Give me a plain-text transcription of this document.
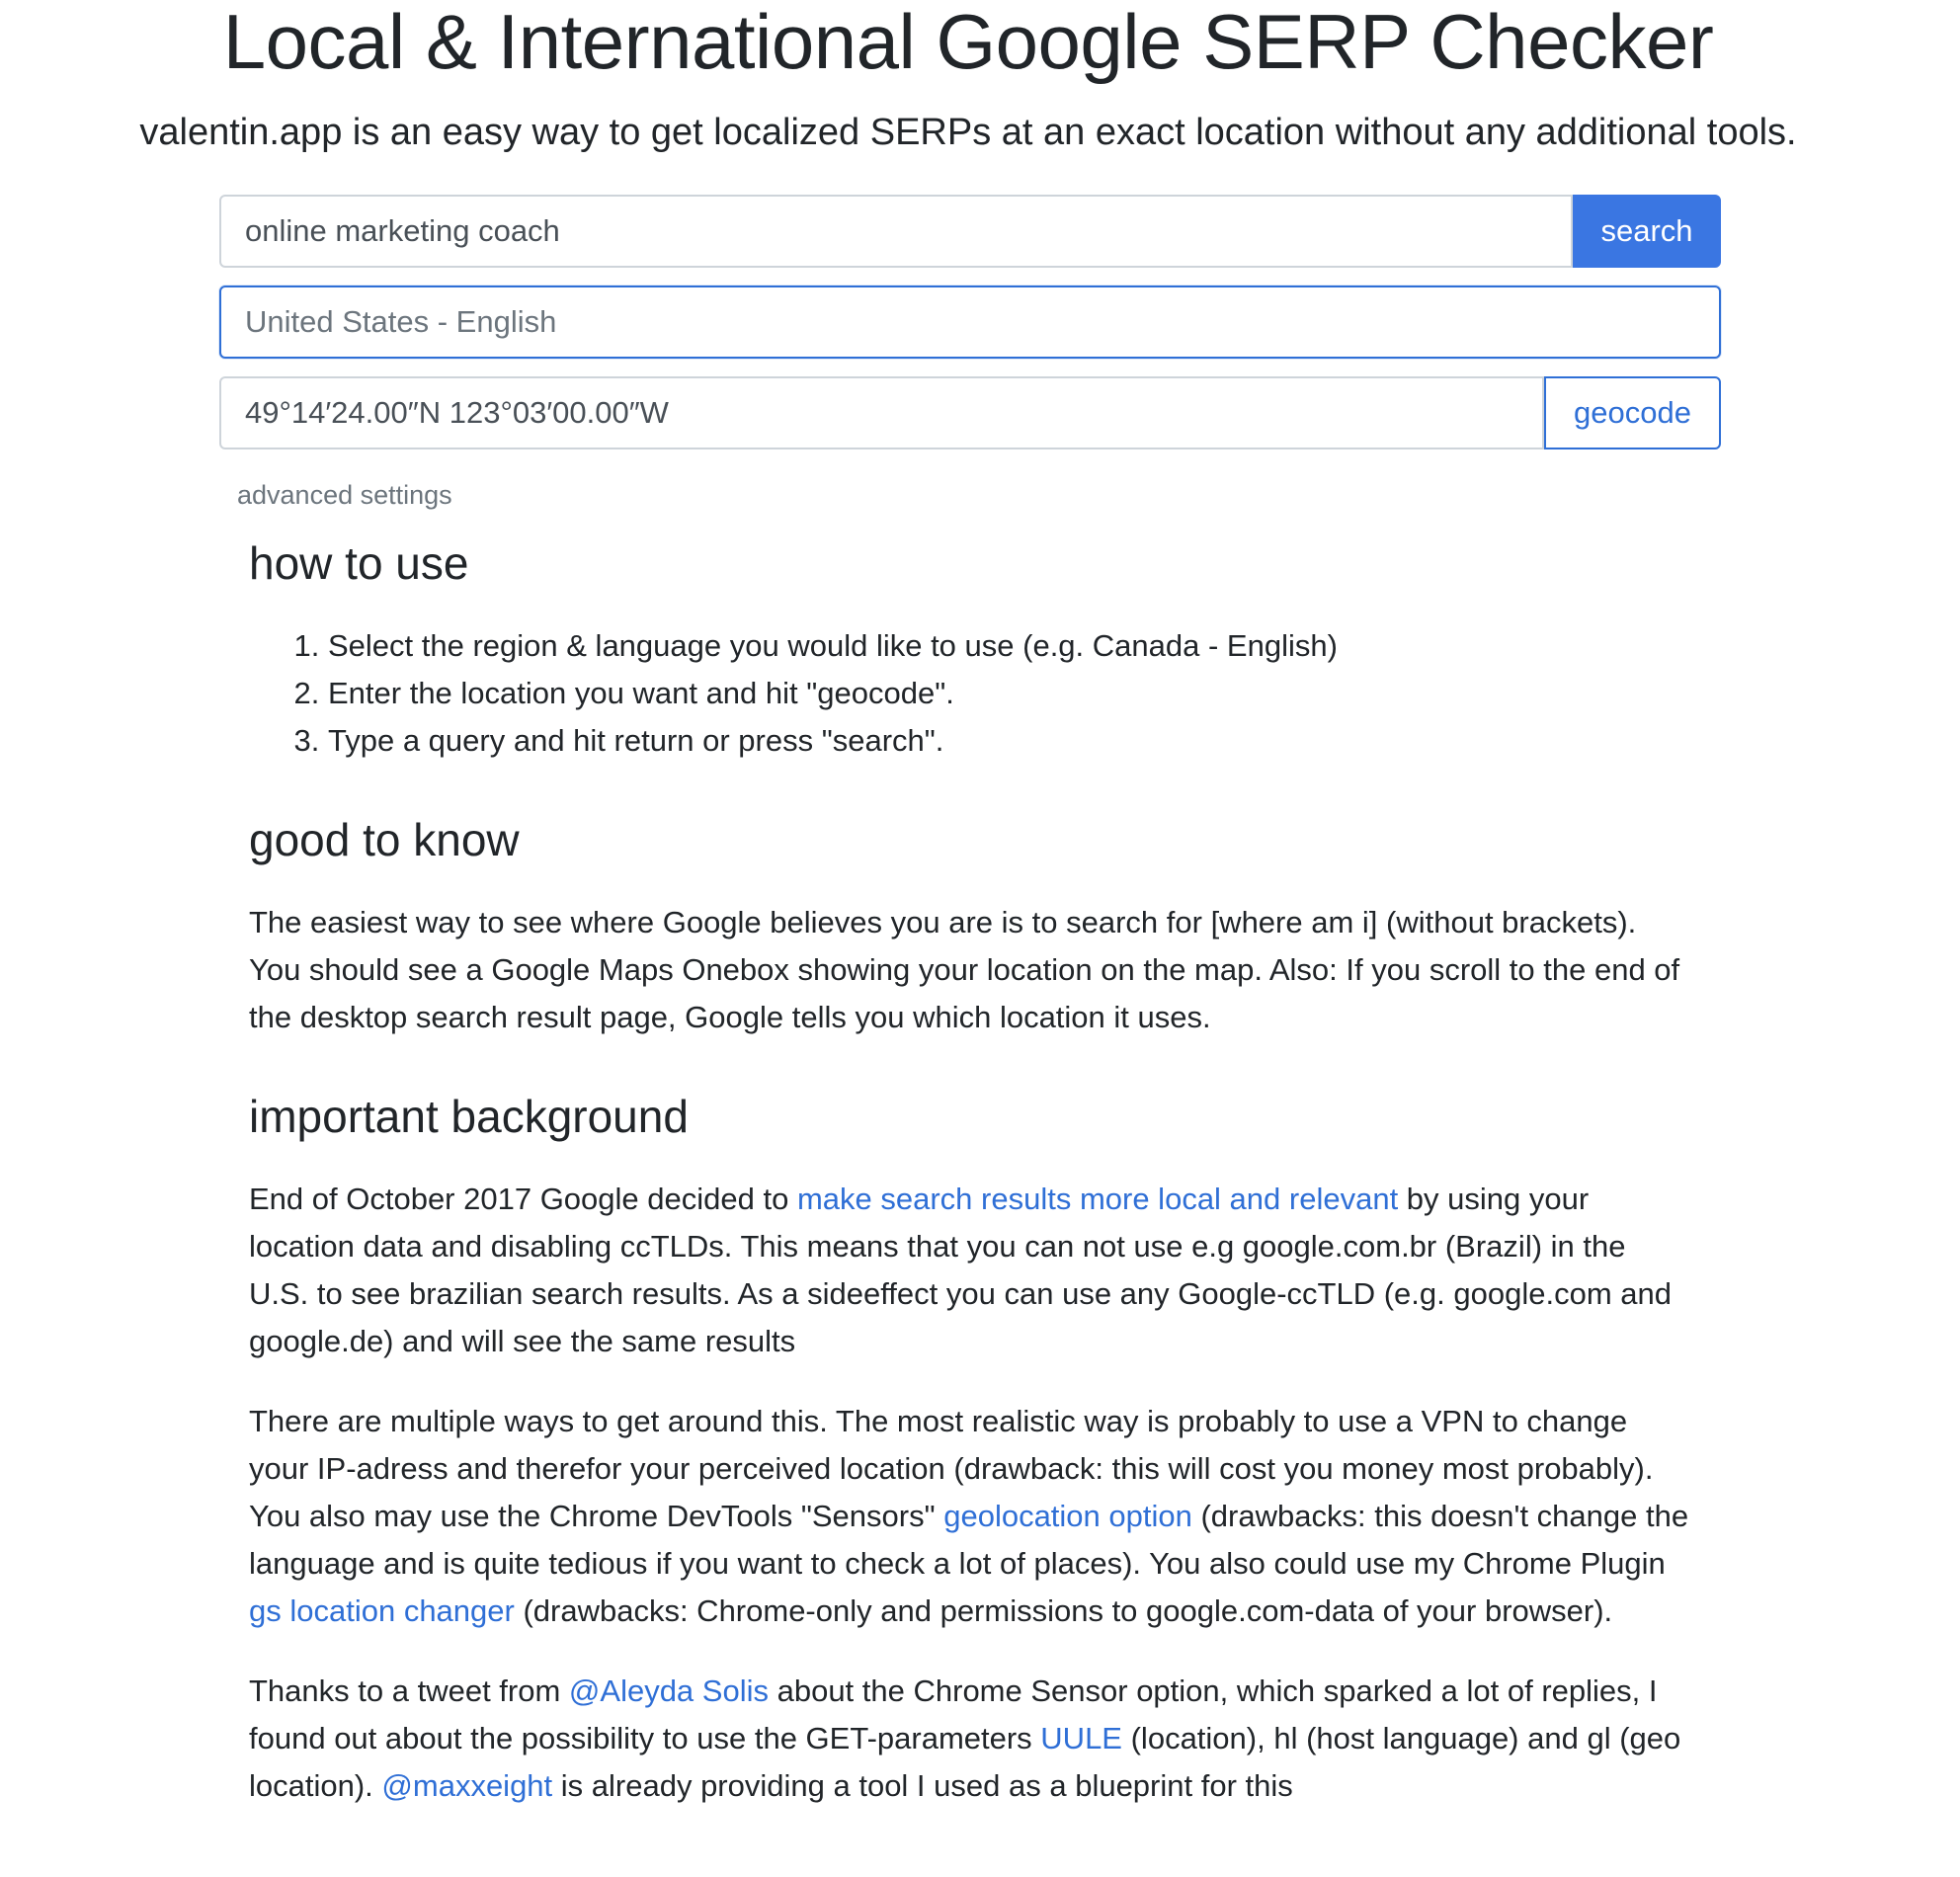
Local & International Google SERP Checker

valentin.app is an easy way to get localized SERPs at an exact location without any additional tools.

online marketing coach	search
United States - English
49°14′24.00″N 123°03′00.00″W	geocode
advanced settings
how to use
1. Select the region & language you would like to use (e.g. Canada - English)
2. Enter the location you want and hit "geocode".
3. Type a query and hit return or press "search".
good to know

The easiest way to see where Google believes you are is to search for [where am i] (without brackets). You should see a Google Maps Onebox showing your location on the map. Also: If you scroll to the end of the desktop search result page, Google tells you which location it uses.

important background

End of October 2017 Google decided to make search results more local and relevant by using your location data and disabling ccTLDs. This means that you can not use e.g google.com.br (Brazil) in the U.S. to see brazilian search results. As a sideeffect you can use any Google-ccTLD (e.g. google.com and google.de) and will see the same results

There are multiple ways to get around this. The most realistic way is probably to use a VPN to change your IP-adress and therefor your perceived location (drawback: this will cost you money most probably). You also may use the Chrome DevTools "Sensors" geolocation option (drawbacks: this doesn't change the language and is quite tedious if you want to check a lot of places). You also could use my Chrome Plugin gs location changer (drawbacks: Chrome-only and permissions to google.com-data of your browser).

Thanks to a tweet from @Aleyda Solis about the Chrome Sensor option, which sparked a lot of replies, I found out about the possibility to use the GET-parameters UULE (location), hl (host language) and gl (geo location). @maxxeight is already providing a tool I used as a blueprint for this
